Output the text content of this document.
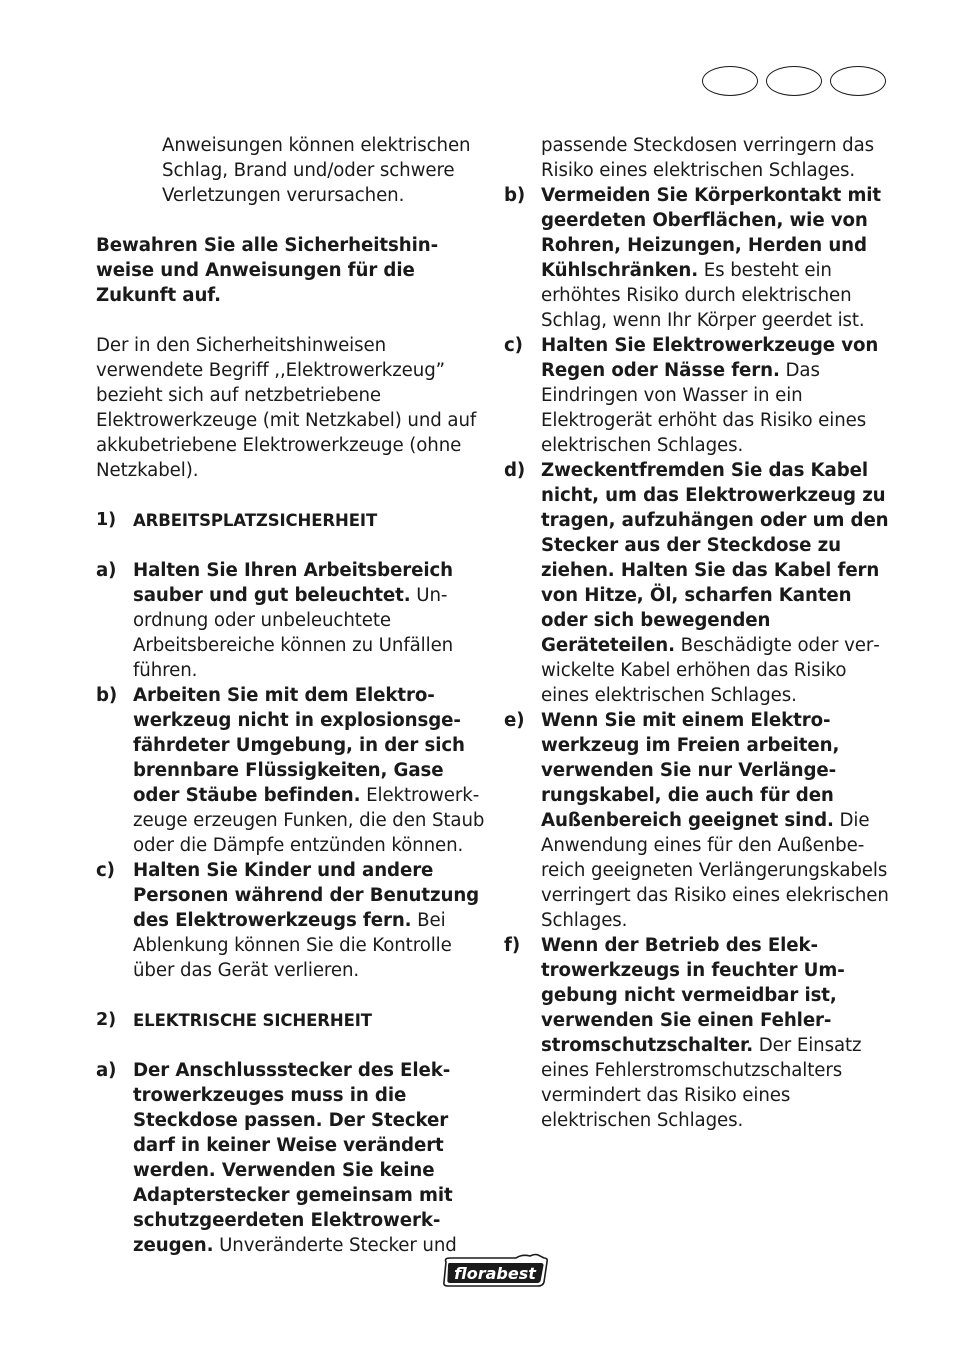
Anweisungen können elektrischen Schlag, Brand und/oder schwere Verletzungen verursachen.

Bewahren Sie alle Sicherheitshinweise und Anweisungen für die Zukunft auf.

Der in den Sicherheitshinweisen verwendete Begriff ,,Elektrowerkzeug” bezieht sich auf netzbetriebene Elektrowerkzeuge (mit Netzkabel) und auf akkubetriebene Elektrowerkzeuge (ohne Netzkabel).

1) ARBEITSPLATZSICHERHEIT
a) Halten Sie Ihren Arbeitsbereich sauber und gut beleuchtet. Unordnung oder unbeleuchtete Arbeitsbereiche können zu Unfällen führen.
b) Arbeiten Sie mit dem Elektrowerkzeug nicht in explosionsgefährdeter Umgebung, in der sich brennbare Flüssigkeiten, Gase oder Stäube befinden. Elektrowerkzeuge erzeugen Funken, die den Staub oder die Dämpfe entzünden können.
c) Halten Sie Kinder und andere Personen während der Benutzung des Elektrowerkzeugs fern. Bei Ablenkung können Sie die Kontrolle über das Gerät verlieren.
2) ELEKTRISCHE SICHERHEIT
a) Der Anschlussstecker des Elektrowerkzeuges muss in die Steckdose passen. Der Stecker darf in keiner Weise verändert werden. Verwenden Sie keine Adapterstecker gemeinsam mit schutzgeerdeten Elektrowerkzeugen. Unveränderte Stecker und

passende Steckdosen verringern das Risiko eines elektrischen Schlages.

b) Vermeiden Sie Körperkontakt mit geerdeten Oberflächen, wie von Rohren, Heizungen, Herden und Kühlschränken. Es besteht ein erhöhtes Risiko durch elektrischen Schlag, wenn Ihr Körper geerdet ist.
c) Halten Sie Elektrowerkzeuge von Regen oder Nässe fern. Das Eindringen von Wasser in ein Elektrogerät erhöht das Risiko eines elektrischen Schlages.
d) Zweckentfremden Sie das Kabel nicht, um das Elektrowerkzeug zu tragen, aufzuhängen oder um den Stecker aus der Steckdose zu ziehen. Halten Sie das Kabel fern von Hitze, Öl, scharfen Kanten oder sich bewegenden Geräteteilen. Beschädigte oder verwickelte Kabel erhöhen das Risiko eines elektrischen Schlages.
e) Wenn Sie mit einem Elektrowerkzeug im Freien arbeiten, verwenden Sie nur Verlängerungskabel, die auch für den Außenbereich geeignet sind. Die Anwendung eines für den Außenbereich geeigneten Verlängerungskabels verringert das Risiko eines elekrischen Schlages.
f) Wenn der Betrieb des Elektrowerkzeugs in feuchter Umgebung nicht vermeidbar ist, verwenden Sie einen Fehlerstromschutzschalter. Der Einsatz eines Fehlerstromschutzschalters vermindert das Risiko eines elektrischen Schlages.
florabest
